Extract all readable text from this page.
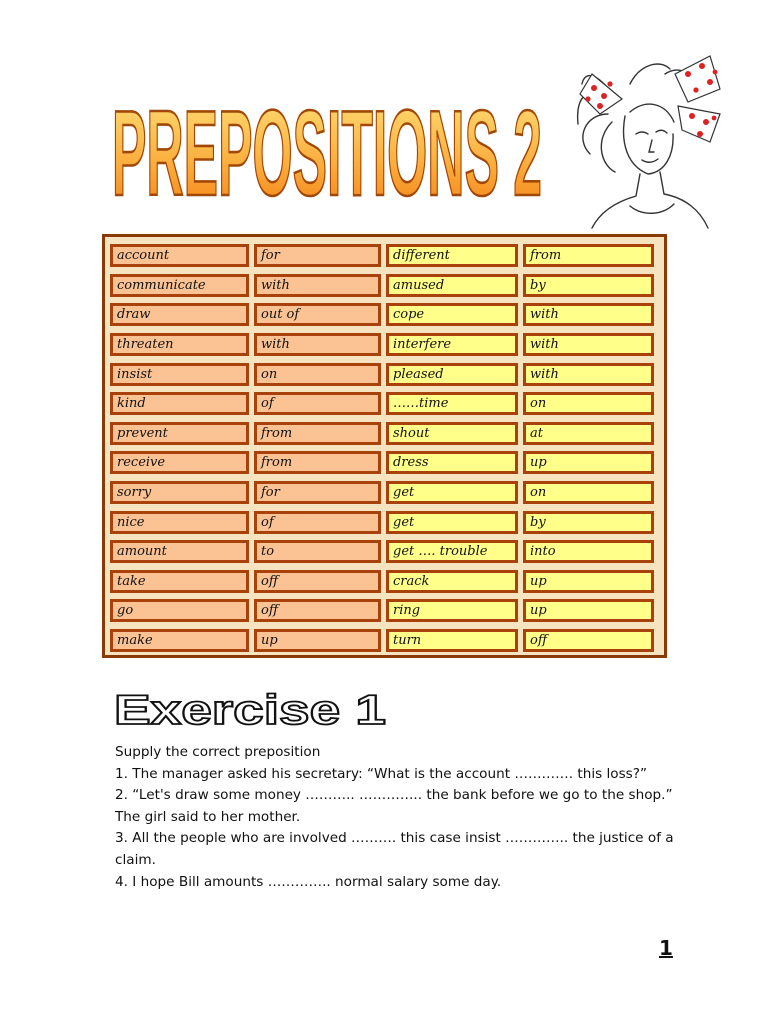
PREPOSITIONS 2
account	for	different	from
communicate	with	amused	by
draw	out of	cope	with
threaten	with	interfere	with
insist	on	pleased	with
kind	of	……time	on
prevent	from	shout	at
receive	from	dress	up
sorry	for	get	on
nice	of	get	by
amount	to	get …. trouble	into
take	off	crack	up
go	off	ring	up
make	up	turn	off
Exercise 1

Supply the correct preposition

1. The manager asked his secretary: “What is the account …………. this loss?”

2. “Let's draw some money ……….. ………….. the bank before we go to the shop.” The girl said to her mother.

3. All the people who are involved ………. this case insist ………….. the justice of a claim.

4. I hope Bill amounts ………….. normal salary some day.

1
